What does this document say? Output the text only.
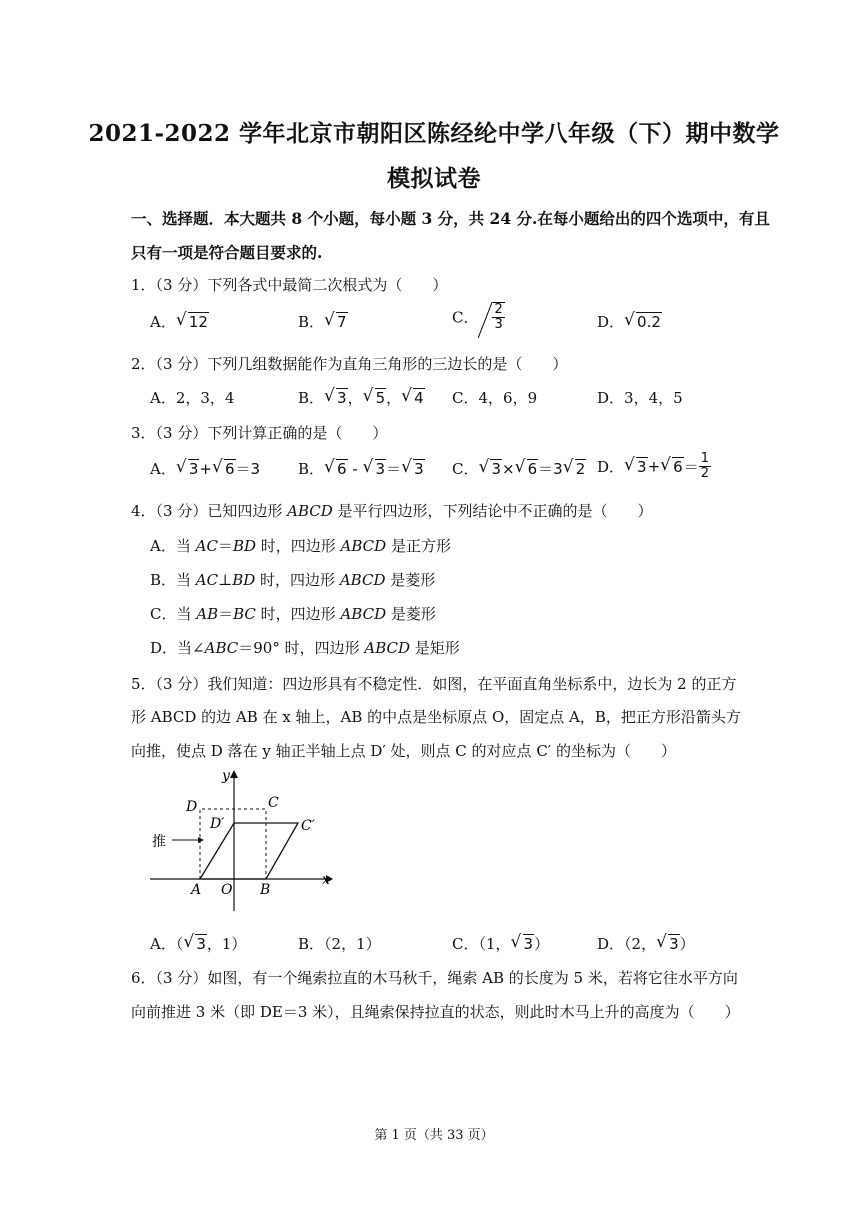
2021-2022 学年北京市朝阳区陈经纶中学八年级（下）期中数学
模拟试卷
一、选择题．本大题共 8 个小题，每小题 3 分，共 24 分.在每小题给出的四个选项中，有且
只有一项是符合题目要求的.
1．（3 分）下列各式中最简二次根式为（　　）
A． √ 12	B． √ 7	C． $\frac{2}{3}$	D． √ 0.2
2．（3 分）下列几组数据能作为直角三角形的三边长的是（　　）
A．2，3，4	B． √ 3， √ 5， √ 4 C．4，6，9	D．3，4，5
3．（3 分）下列计算正确的是（　　）
A． √ 3+ √ 6＝3	B． √ 6 - √ 3＝ √ 3 C． √ 3× √ 6＝3 √ 2 D． √ 3+ √ $6= \frac{1}{2}$
4．（3 分）已知四边形 ABCD 是平行四边形，下列结论中不正确的是（　　）
A．当 AC＝BD 时，四边形 ABCD 是正方形
B．当 AC⊥BD 时，四边形 ABCD 是菱形
C．当 AB＝BC 时，四边形 ABCD 是菱形
D．当∠ABC＝90° 时，四边形 ABCD 是矩形
5．（3 分）我们知道：四边形具有不稳定性．如图，在平面直角坐标系中，边长为 2 的正方
形 ABCD 的边 AB 在 x 轴上，AB 的中点是坐标原点 O，固定点 A，B，把正方形沿箭头方
向推，使点 D 落在 y 轴正半轴上点 D′ 处，则点 C 的对应点 C′ 的坐标为（　　）
y
x
D	C
D′	C′
推
A O B
A．（ √ 3，1）	B．（2，1）	C．（1， √ 3）	D．（2， √ 3）
6．（3 分）如图，有一个绳索拉直的木马秋千，绳索 AB 的长度为 5 米，若将它往水平方向
向前推进 3 米（即 DE＝3 米），且绳索保持拉直的状态，则此时木马上升的高度为（　　）
第 1 页（共 33 页）
